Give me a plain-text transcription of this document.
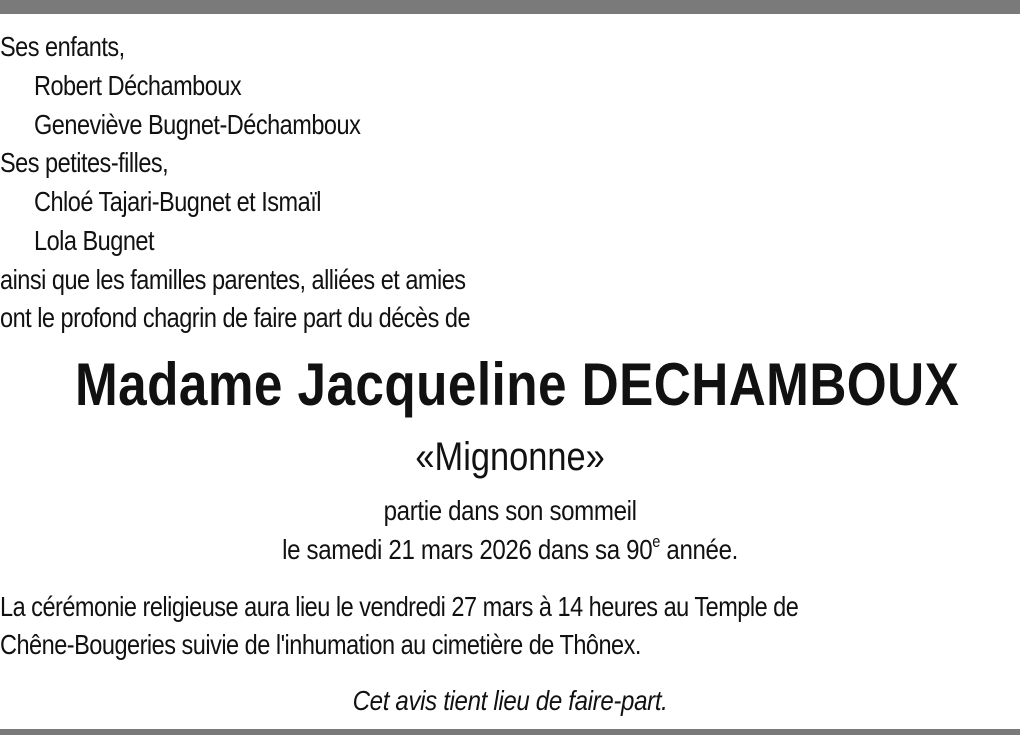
Ses enfants,
Robert Déchamboux
Geneviève Bugnet-Déchamboux
Ses petites-filles,
Chloé Tajari-Bugnet et Ismaïl
Lola Bugnet
ainsi que les familles parentes, alliées et amies
ont le profond chagrin de faire part du décès de
Madame Jacqueline DECHAMBOUX
«Mignonne»
partie dans son sommeil
le samedi 21 mars 2026 dans sa 90e année.
La cérémonie religieuse aura lieu le vendredi 27 mars à 14 heures au Temple de
Chêne-Bougeries suivie de l'inhumation au cimetière de Thônex.
Cet avis tient lieu de faire-part.
